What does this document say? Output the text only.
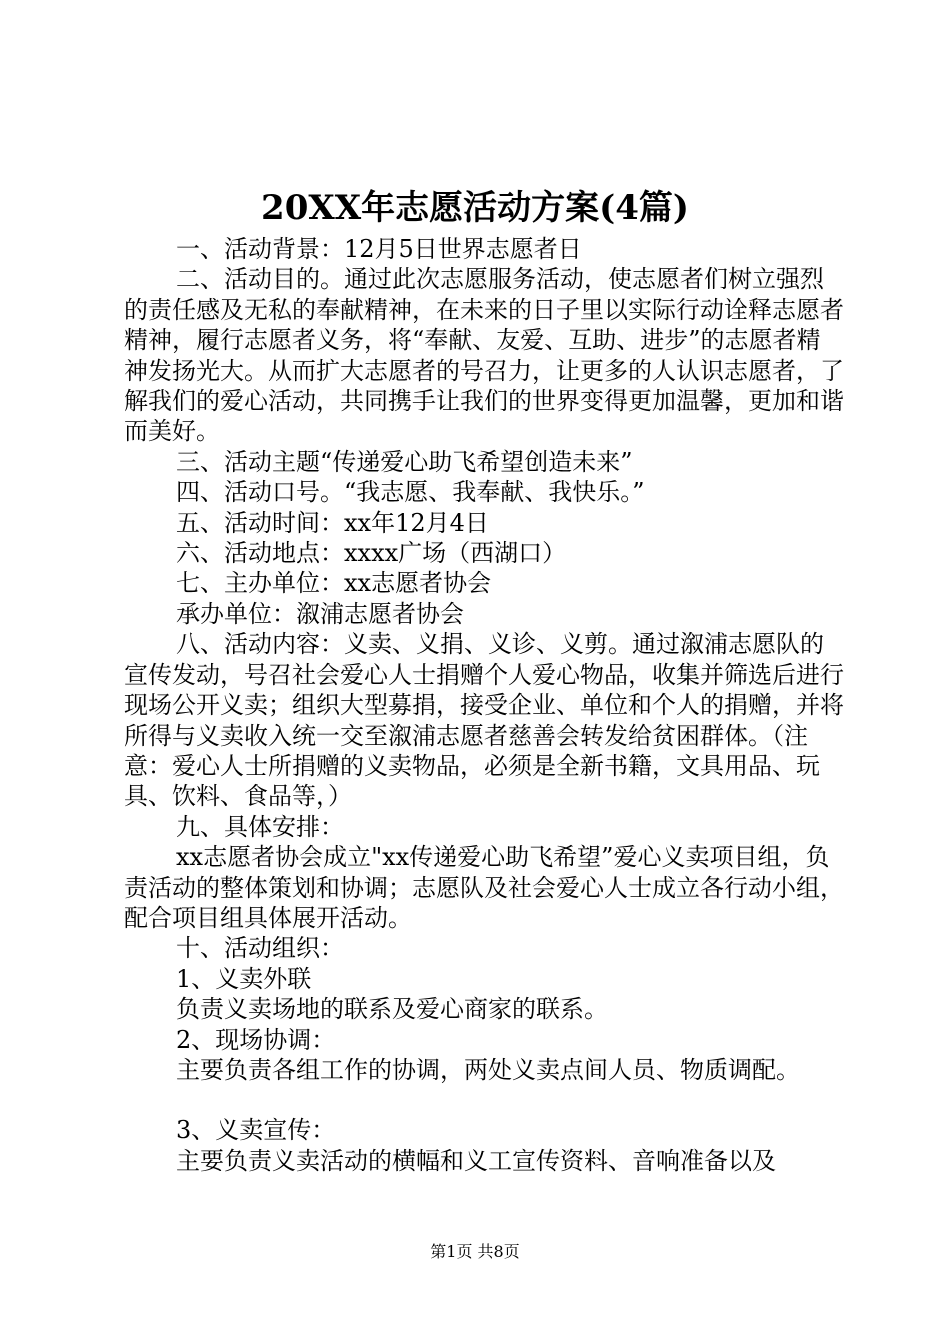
20XX年志愿活动方案(4篇)

一、活动背景：12月5日世界志愿者日

二、活动目的。通过此次志愿服务活动，使志愿者们树立强烈的责任感及无私的奉献精神，在未来的日子里以实际行动诠释志愿者精神，履行志愿者义务，将“奉献、友爱、互助、进步”的志愿者精神发扬光大。从而扩大志愿者的号召力，让更多的人认识志愿者，了解我们的爱心活动，共同携手让我们的世界变得更加温馨，更加和谐而美好。

三、活动主题“传递爱心助飞希望创造未来”

四、活动口号。“我志愿、我奉献、我快乐。”

五、活动时间：xx年12月4日

六、活动地点：xxxx广场（西湖口）

七、主办单位：xx志愿者协会

承办单位：溆浦志愿者协会

八、活动内容：义卖、义捐、义诊、义剪。通过溆浦志愿队的宣传发动，号召社会爱心人士捐赠个人爱心物品，收集并筛选后进行现场公开义卖；组织大型募捐，接受企业、单位和个人的捐赠，并将所得与义卖收入统一交至溆浦志愿者慈善会转发给贫困群体。（注意：爱心人士所捐赠的义卖物品，必须是全新书籍，文具用品、玩具、饮料、食品等，）

九、具体安排：

xx志愿者协会成立"xx传递爱心助飞希望”爱心义卖项目组，负责活动的整体策划和协调；志愿队及社会爱心人士成立各行动小组，配合项目组具体展开活动。

十、活动组织：

1、义卖外联

负责义卖场地的联系及爱心商家的联系。

2、现场协调：

主要负责各组工作的协调，两处义卖点间人员、物质调配。

3、义卖宣传：

主要负责义卖活动的横幅和义工宣传资料、音响准备以及

第1页 共8页
